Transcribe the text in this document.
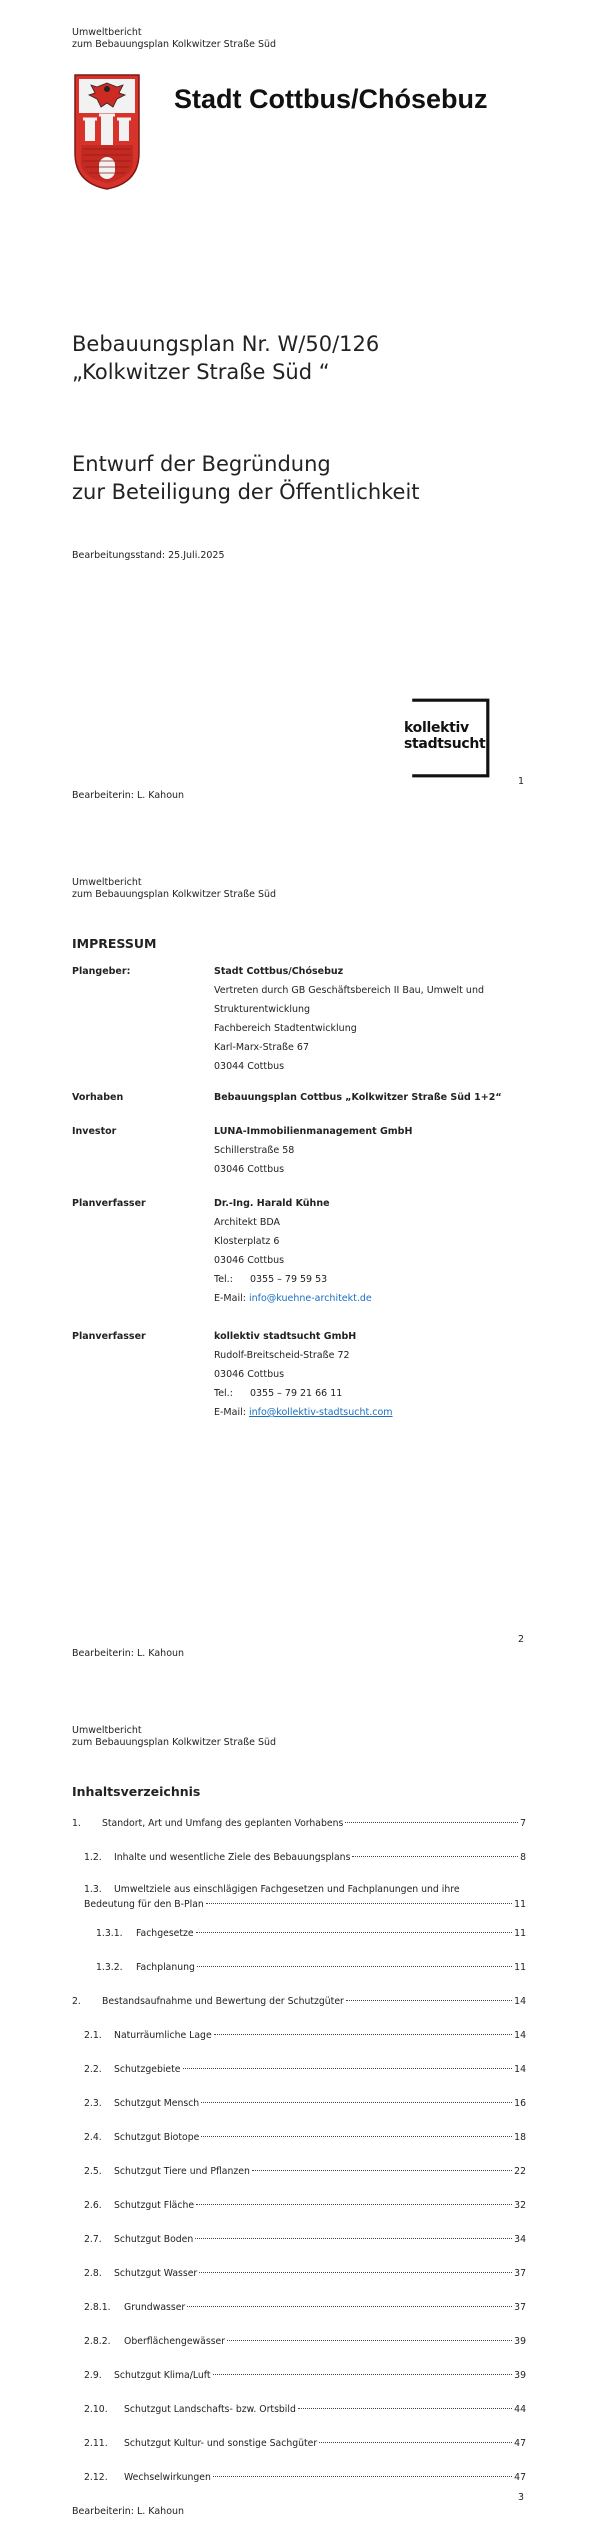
Umweltbericht
zum Bebauungsplan Kolkwitzer Straße Süd
Stadt Cottbus/Chósebuz
Bebauungsplan Nr. W/50/126
„Kolkwitzer Straße Süd “
Entwurf der Begründung
zur Beteiligung der Öffentlichkeit
Bearbeitungsstand: 25.Juli.2025
kollektiv
stadtsucht
1
Bearbeiterin: L. Kahoun
Umweltbericht
zum Bebauungsplan Kolkwitzer Straße Süd
IMPRESSUM
Plangeber:	Stadt Cottbus/Chósebuz
Vertreten durch GB Geschäftsbereich II Bau, Umwelt und
Strukturentwicklung
Fachbereich Stadtentwicklung
Karl-Marx-Straße 67
03044 Cottbus
Vorhaben	Bebauungsplan Cottbus „Kolkwitzer Straße Süd 1+2“
Investor	LUNA-Immobilienmanagement GmbH
Schillerstraße 58
03046 Cottbus
Planverfasser	Dr.-Ing. Harald Kühne
Architekt BDA
Klosterplatz 6
03046 Cottbus
Tel.: 0355 – 79 59 53
E-Mail: info@kuehne-architekt.de
Planverfasser	kollektiv stadtsucht GmbH
Rudolf-Breitscheid-Straße 72
03046 Cottbus
Tel.: 0355 – 79 21 66 11
E-Mail: info@kollektiv-stadtsucht.com
2
Bearbeiterin: L. Kahoun
Umweltbericht
zum Bebauungsplan Kolkwitzer Straße Süd
Inhaltsverzeichnis
1.	Standort, Art und Umfang des geplanten Vorhabens	7
1.2. Inhalte und wesentliche Ziele des Bebauungsplans	8
1.3. Umweltziele aus einschlägigen Fachgesetzen und Fachplanungen und ihre
Bedeutung für den B-Plan	11
1.3.1.	Fachgesetze	11
1.3.2.	Fachplanung	11
2.	Bestandsaufnahme und Bewertung der Schutzgüter	14
2.1. Naturräumliche Lage	14
2.2. Schutzgebiete	14
2.3. Schutzgut Mensch	16
2.4. Schutzgut Biotope	18
2.5. Schutzgut Tiere und Pflanzen	22
2.6. Schutzgut Fläche	32
2.7. Schutzgut Boden	34
2.8. Schutzgut Wasser	37
2.8.1.	Grundwasser	37
2.8.2.	Oberflächengewässer	39
2.9. Schutzgut Klima/Luft	39
2.10.	Schutzgut Landschafts- bzw. Ortsbild	44
2.11.	Schutzgut Kultur- und sonstige Sachgüter	47
2.12.	Wechselwirkungen	47
3
Bearbeiterin: L. Kahoun
